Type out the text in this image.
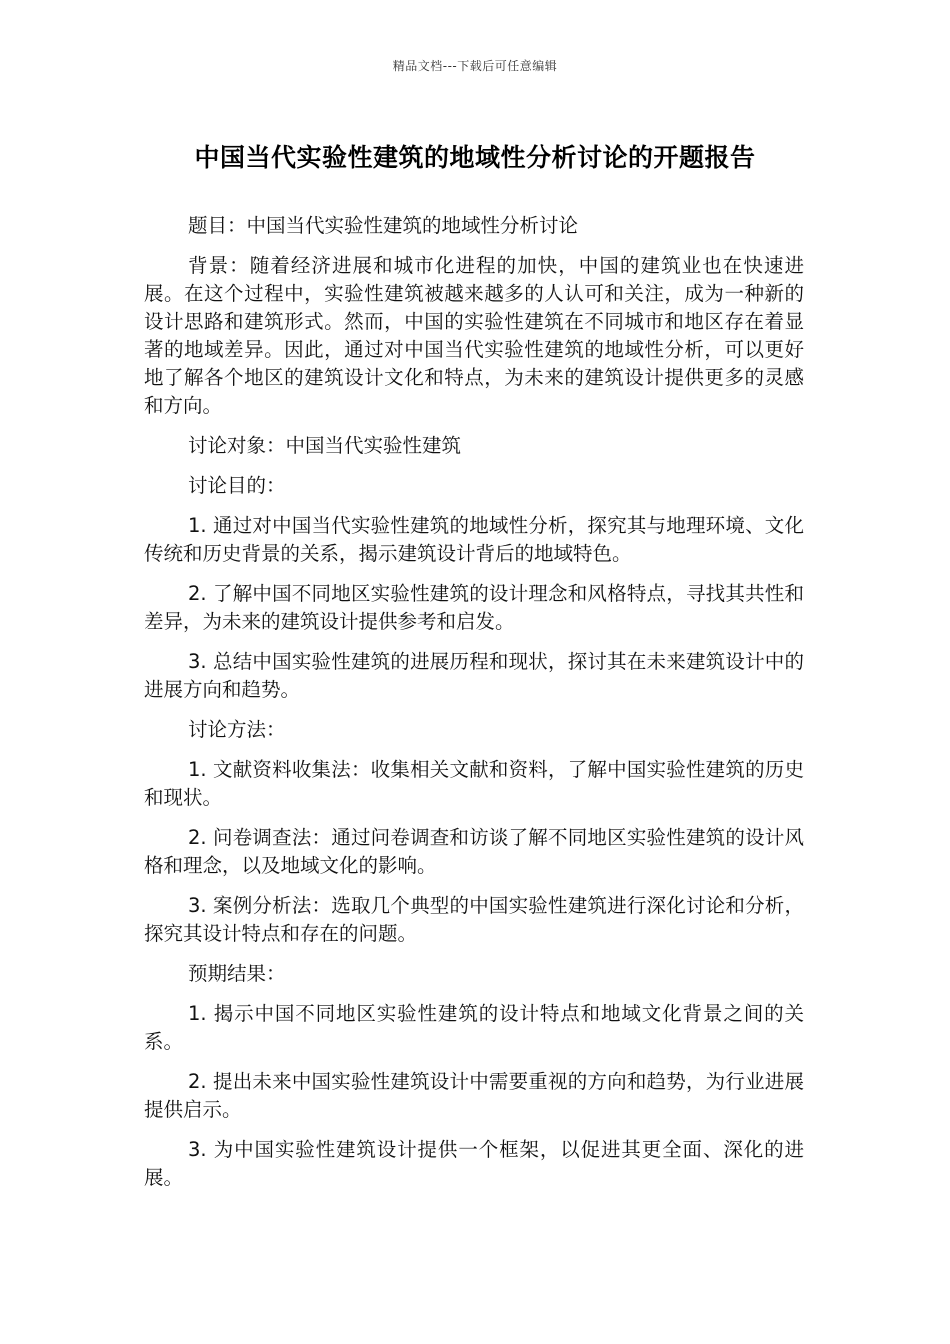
精品文档---下载后可任意编辑
中国当代实验性建筑的地域性分析讨论的开题报告

题目：中国当代实验性建筑的地域性分析讨论

背景：随着经济进展和城市化进程的加快，中国的建筑业也在快速进展。在这个过程中，实验性建筑被越来越多的人认可和关注，成为一种新的设计思路和建筑形式。然而，中国的实验性建筑在不同城市和地区存在着显著的地域差异。因此，通过对中国当代实验性建筑的地域性分析，可以更好地了解各个地区的建筑设计文化和特点，为未来的建筑设计提供更多的灵感和方向。

讨论对象：中国当代实验性建筑

讨论目的：

1. 通过对中国当代实验性建筑的地域性分析，探究其与地理环境、文化传统和历史背景的关系，揭示建筑设计背后的地域特色。

2. 了解中国不同地区实验性建筑的设计理念和风格特点，寻找其共性和差异，为未来的建筑设计提供参考和启发。

3. 总结中国实验性建筑的进展历程和现状，探讨其在未来建筑设计中的进展方向和趋势。

讨论方法：

1. 文献资料收集法：收集相关文献和资料，了解中国实验性建筑的历史和现状。

2. 问卷调查法：通过问卷调查和访谈了解不同地区实验性建筑的设计风格和理念，以及地域文化的影响。

3. 案例分析法：选取几个典型的中国实验性建筑进行深化讨论和分析，探究其设计特点和存在的问题。

预期结果：

1. 揭示中国不同地区实验性建筑的设计特点和地域文化背景之间的关系。

2. 提出未来中国实验性建筑设计中需要重视的方向和趋势，为行业进展提供启示。

3. 为中国实验性建筑设计提供一个框架，以促进其更全面、深化的进展。
